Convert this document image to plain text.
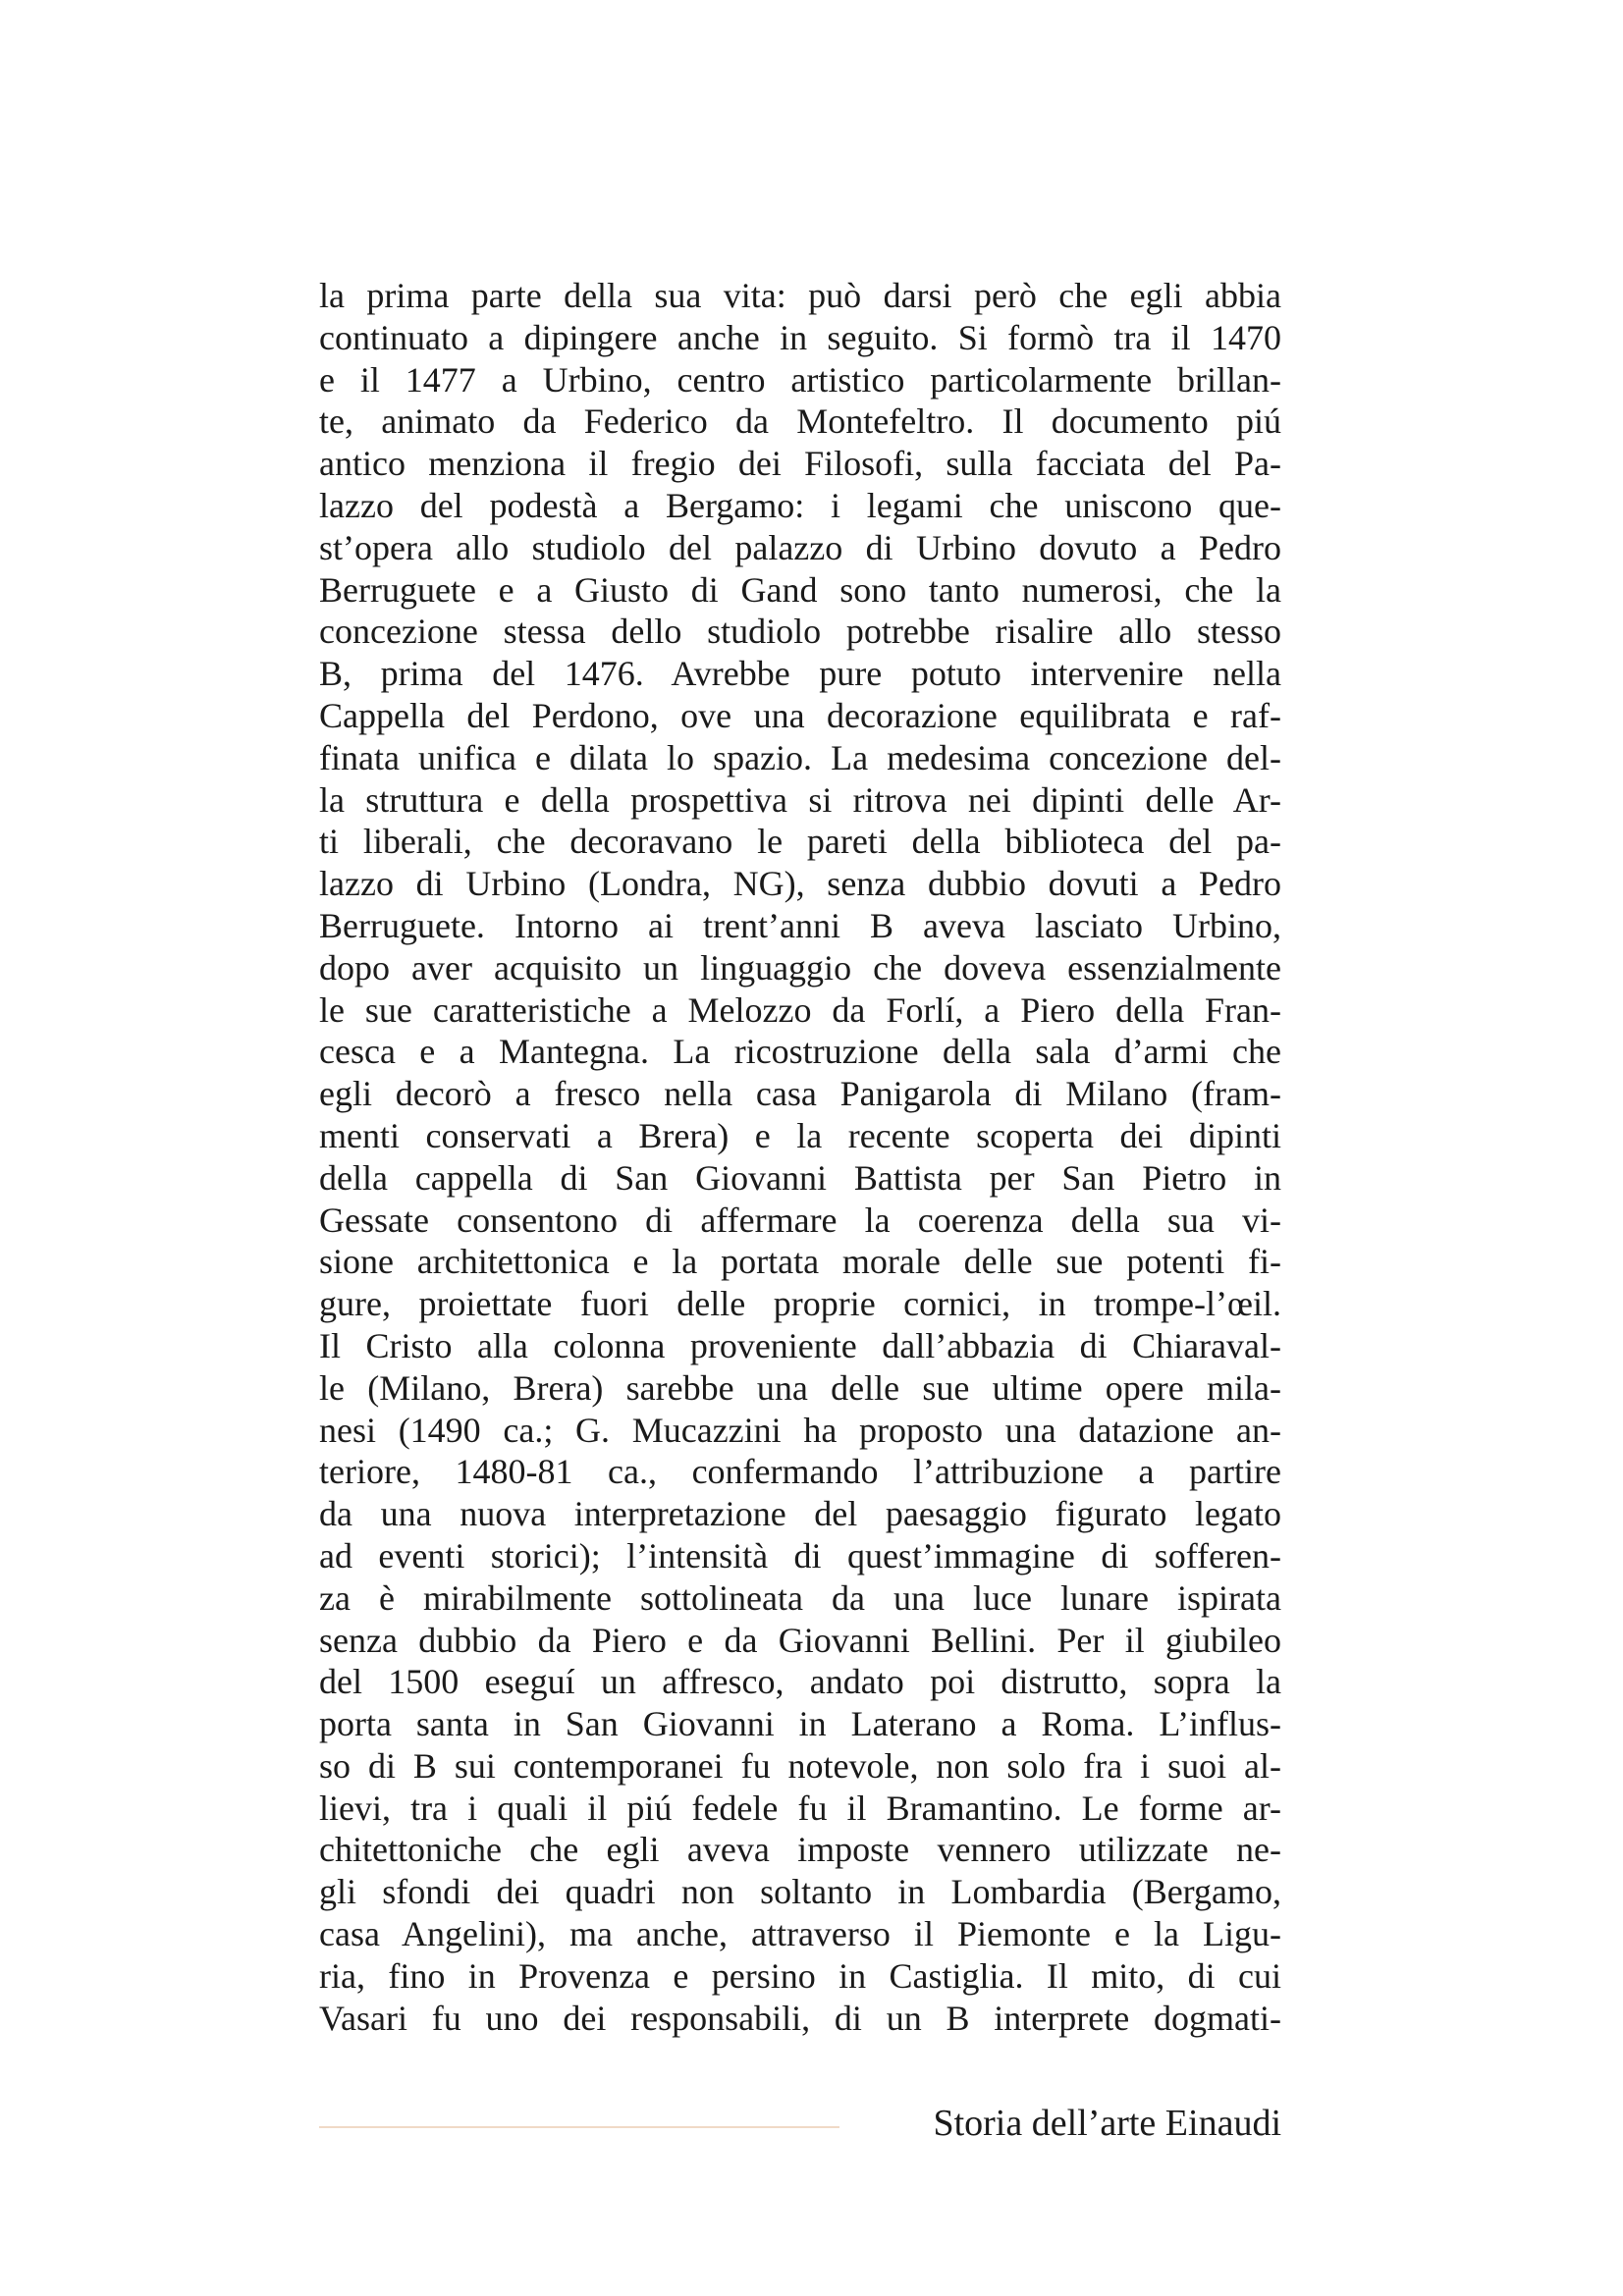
la prima parte della sua vita: può darsi però che egli abbia
continuato a dipingere anche in seguito. Si formò tra il 1470
e il 1477 a Urbino, centro artistico particolarmente brillan-
te, animato da Federico da Montefeltro. Il documento piú
antico menziona il fregio dei Filosofi, sulla facciata del Pa-
lazzo del podestà a Bergamo: i legami che uniscono que-
st’opera allo studiolo del palazzo di Urbino dovuto a Pedro
Berruguete e a Giusto di Gand sono tanto numerosi, che la
concezione stessa dello studiolo potrebbe risalire allo stesso
B, prima del 1476. Avrebbe pure potuto intervenire nella
Cappella del Perdono, ove una decorazione equilibrata e raf-
finata unifica e dilata lo spazio. La medesima concezione del-
la struttura e della prospettiva si ritrova nei dipinti delle Ar-
ti liberali, che decoravano le pareti della biblioteca del pa-
lazzo di Urbino (Londra, NG), senza dubbio dovuti a Pedro
Berruguete. Intorno ai trent’anni B aveva lasciato Urbino,
dopo aver acquisito un linguaggio che doveva essenzialmente
le sue caratteristiche a Melozzo da Forlí, a Piero della Fran-
cesca e a Mantegna. La ricostruzione della sala d’armi che
egli decorò a fresco nella casa Panigarola di Milano (fram-
menti conservati a Brera) e la recente scoperta dei dipinti
della cappella di San Giovanni Battista per San Pietro in
Gessate consentono di affermare la coerenza della sua vi-
sione architettonica e la portata morale delle sue potenti fi-
gure, proiettate fuori delle proprie cornici, in trompe-l’œil.
Il Cristo alla colonna proveniente dall’abbazia di Chiaraval-
le (Milano, Brera) sarebbe una delle sue ultime opere mila-
nesi (1490 ca.; G. Mucazzini ha proposto una datazione an-
teriore, 1480-81 ca., confermando l’attribuzione a partire
da una nuova interpretazione del paesaggio figurato legato
ad eventi storici); l’intensità di quest’immagine di sofferen-
za è mirabilmente sottolineata da una luce lunare ispirata
senza dubbio da Piero e da Giovanni Bellini. Per il giubileo
del 1500 eseguí un affresco, andato poi distrutto, sopra la
porta santa in San Giovanni in Laterano a Roma. L’influs-
so di B sui contemporanei fu notevole, non solo fra i suoi al-
lievi, tra i quali il piú fedele fu il Bramantino. Le forme ar-
chitettoniche che egli aveva imposte vennero utilizzate ne-
gli sfondi dei quadri non soltanto in Lombardia (Bergamo,
casa Angelini), ma anche, attraverso il Piemonte e la Ligu-
ria, fino in Provenza e persino in Castiglia. Il mito, di cui
Vasari fu uno dei responsabili, di un B interprete dogmati-
Storia dell’arte Einaudi
